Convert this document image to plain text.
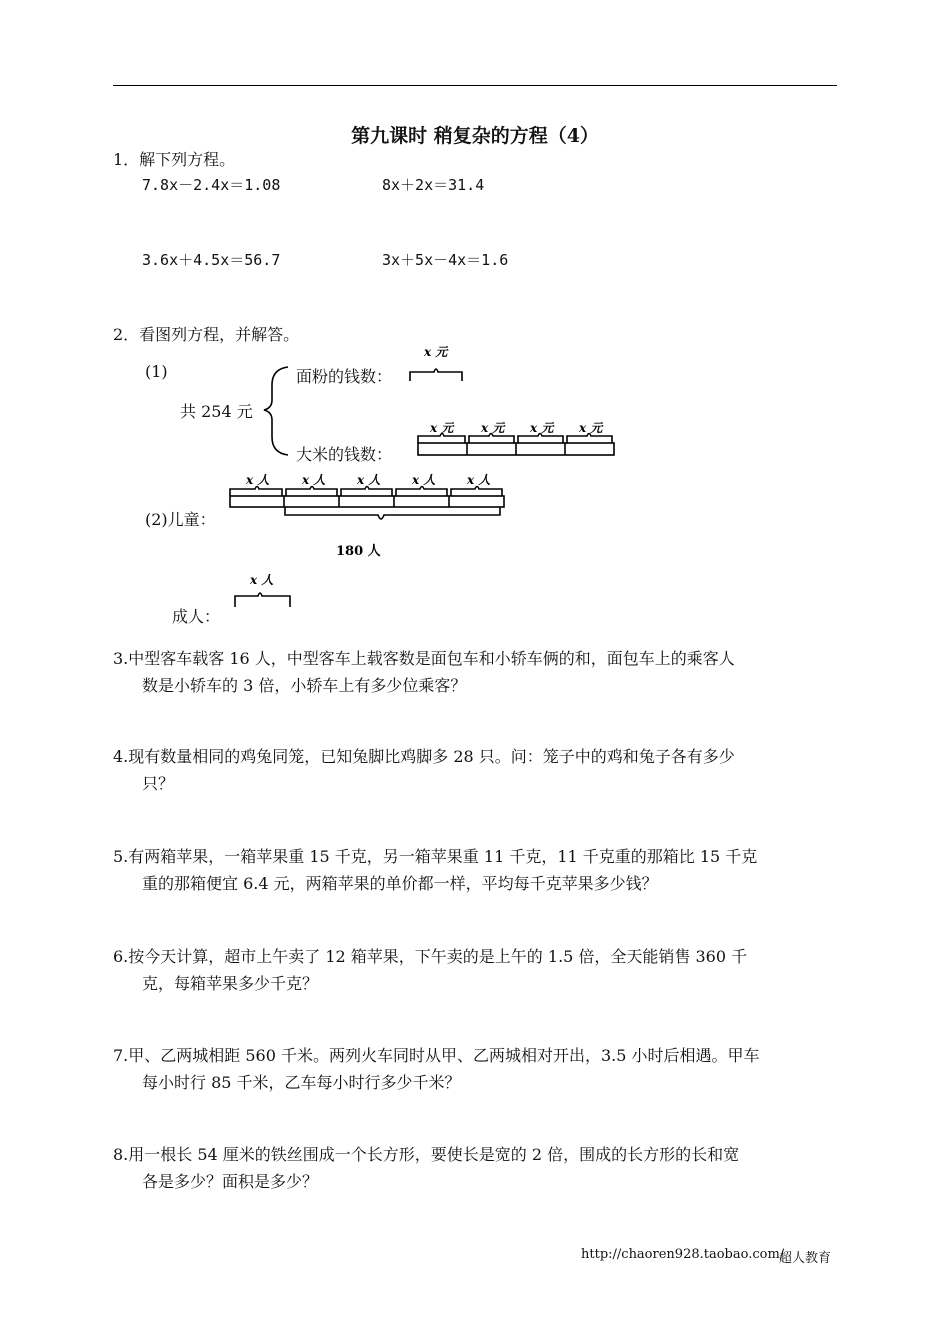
第九课时 稍复杂的方程（4）
1．解下列方程。
7.8x－2.4x＝1.08	8x＋2x＝31.4
3.6x＋4.5x＝56.7	3x＋5x－4x＝1.6
2．看图列方程，并解答。
(1)
共 254 元
面粉的钱数：
大米的钱数：
x 元
x 元 x 元 x 元 x 元
x 人	x 人	x 人	x 人	x 人
x 人
180 人
(2)儿童：
成人：
3.中型客车载客 16 人，中型客车上载客数是面包车和小轿车俩的和，面包车上的乘客人
数是小轿车的 3 倍，小轿车上有多少位乘客？
4.现有数量相同的鸡兔同笼，已知兔脚比鸡脚多 28 只。问：笼子中的鸡和兔子各有多少
只？
5.有两箱苹果，一箱苹果重 15 千克，另一箱苹果重 11 千克，11 千克重的那箱比 15 千克
重的那箱便宜 6.4 元，两箱苹果的单价都一样，平均每千克苹果多少钱？
6.按今天计算，超市上午卖了 12 箱苹果，下午卖的是上午的 1.5 倍，全天能销售 360 千
克，每箱苹果多少千克？
7.甲、乙两城相距 560 千米。两列火车同时从甲、乙两城相对开出，3.5 小时后相遇。甲车
每小时行 85 千米，乙车每小时行多少千米？
8.用一根长 54 厘米的铁丝围成一个长方形，要使长是宽的 2 倍，围成的长方形的长和宽
各是多少？面积是多少？
http://chaoren928.taobao.com/
超人教育
